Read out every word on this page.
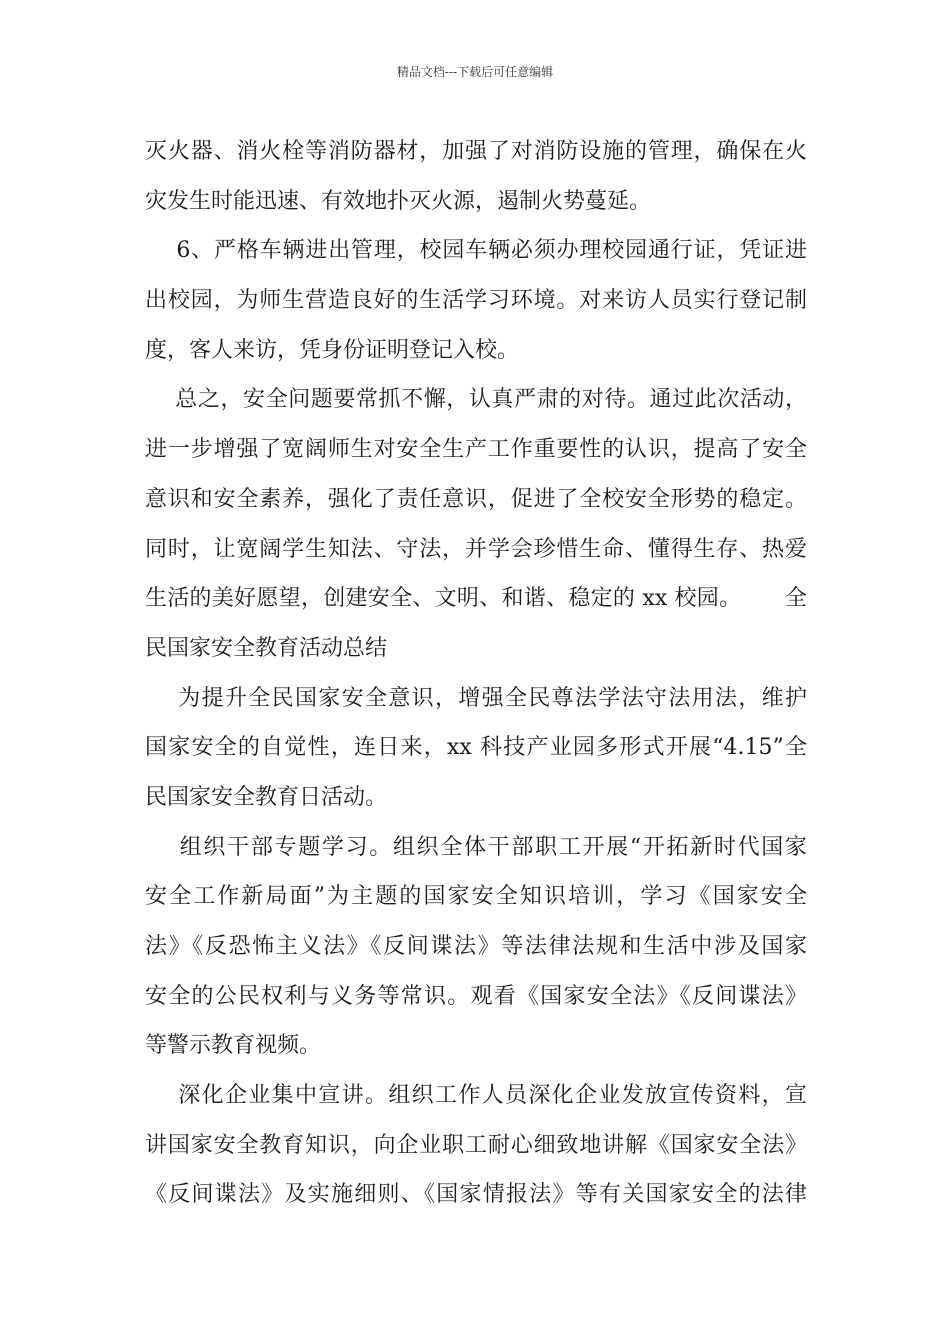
精品文档---下载后可任意编辑
灭火器、消火栓等消防器材，加强了对消防设施的管理，确保在火
灾发生时能迅速、有效地扑灭火源，遏制火势蔓延。
6、严格车辆进出管理，校园车辆必须办理校园通行证，凭证进
出校园，为师生营造良好的生活学习环境。对来访人员实行登记制
度，客人来访，凭身份证明登记入校。
总之，安全问题要常抓不懈，认真严肃的对待。通过此次活动，
进一步增强了宽阔师生对安全生产工作重要性的认识，提高了安全
意识和安全素养，强化了责任意识，促进了全校安全形势的稳定。
同时，让宽阔学生知法、守法，并学会珍惜生命、懂得生存、热爱
生活的美好愿望，创建安全、文明、和谐、稳定的 xx 校园。      全
民国家安全教育活动总结
为提升全民国家安全意识，增强全民尊法学法守法用法，维护
国家安全的自觉性，连日来，xx 科技产业园多形式开展“4.15”全
民国家安全教育日活动。
组织干部专题学习。组织全体干部职工开展“开拓新时代国家
安全工作新局面”为主题的国家安全知识培训，学习《国家安全
法》《反恐怖主义法》《反间谍法》等法律法规和生活中涉及国家
安全的公民权利与义务等常识。观看《国家安全法》《反间谍法》
等警示教育视频。
深化企业集中宣讲。组织工作人员深化企业发放宣传资料，宣
讲国家安全教育知识，向企业职工耐心细致地讲解《国家安全法》
《反间谍法》及实施细则、《国家情报法》等有关国家安全的法律
